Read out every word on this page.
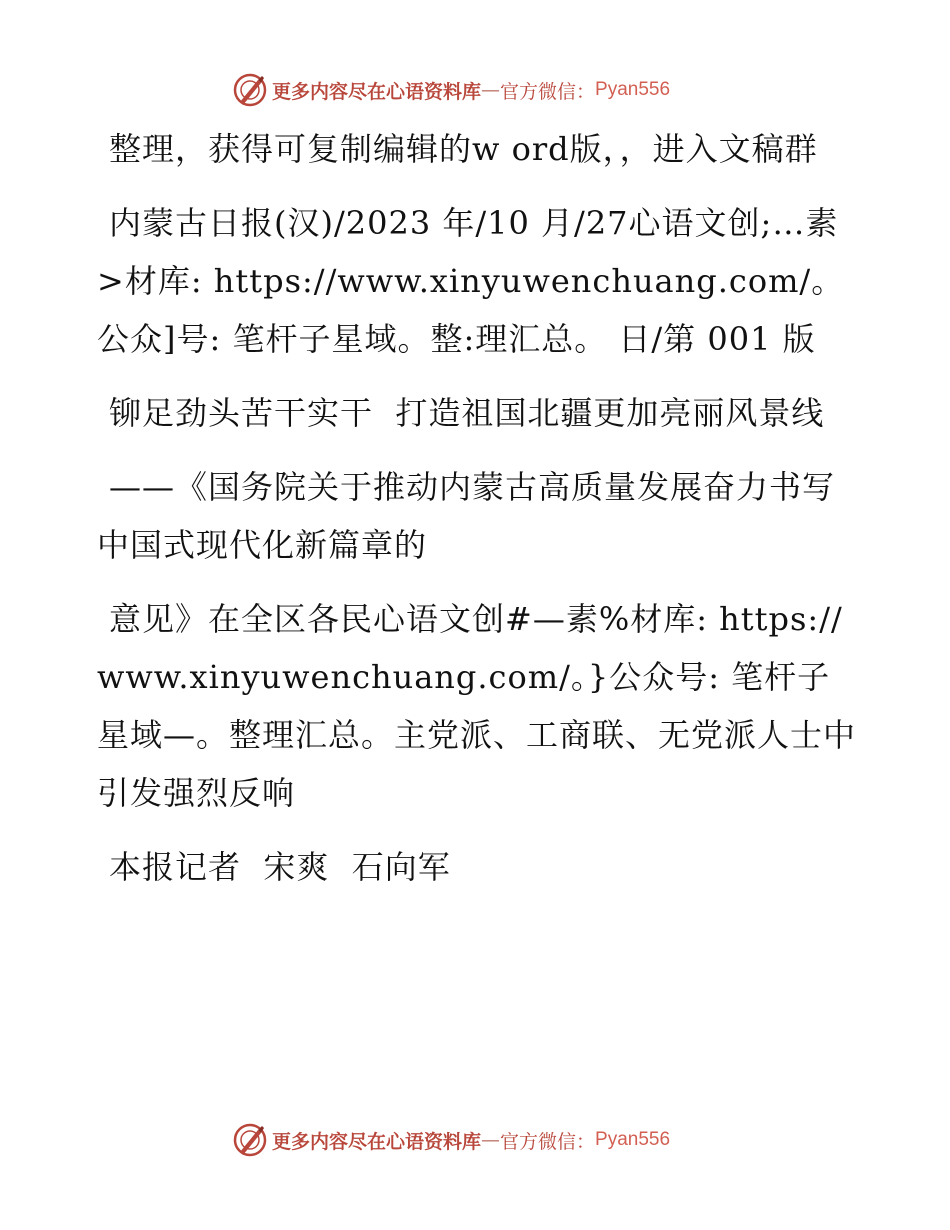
更多内容尽在心语资料库 — 官方微信： Pyan556

整理，获得可复制编辑的w ord版，，进入文稿群

内蒙古日报(汉)/2023 年/10 月/27心语文创;…素>材库: https://www.xinyuwenchuang.com/。公众]号: 笔杆子星域。整:理汇总。 日/第 001 版

铆足劲头苦干实干  打造祖国北疆更加亮丽风景线

——《国务院关于推动内蒙古高质量发展奋力书写中国式现代化新篇章的

意见》在全区各民心语文创#—素%材库: https://www.xinyuwenchuang.com/。}公众号: 笔杆子星域—。整理汇总。主党派、工商联、无党派人士中引发强烈反响

本报记者  宋爽  石向军

更多内容尽在心语资料库 — 官方微信： Pyan556
